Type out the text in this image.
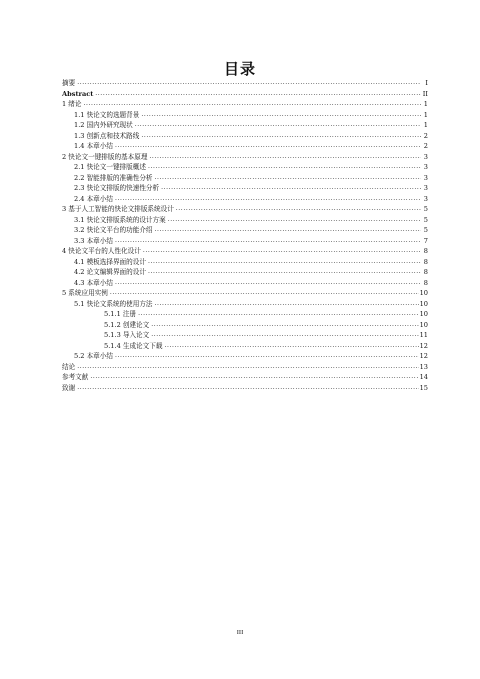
目录
摘要 .....	I
Abstract .....	II
1 绪论 .....	1
1.1 快论文的选题背景 .....	1
1.2 国内外研究现状 .....	1
1.3 创新点和技术路线 .....	2
1.4 本章小结 .....	2
2 快论文一键排版的基本原理 .....	3
2.1 快论文一键排版概述 .....	3
2.2 智能排版的准确性分析 .....	3
2.3 快论文排版的快速性分析 .....	3
2.4 本章小结 .....	3
3 基于人工智能的快论文排版系统设计 .....	5
3.1 快论文排版系统的设计方案 .....	5
3.2 快论文平台的功能介绍 .....	5
3.3 本章小结 .....	7
4 快论文平台的人性化设计 .....	8
4.1 模板选择界面的设计 .....	8
4.2 论文编辑界面的设计 .....	8
4.3 本章小结 .....	8
5 系统应用实例 .....	10
5.1 快论文系统的使用方法 .....	10
5.1.1 注册 .....	10
5.1.2 创建论文 .....	10
5.1.3 导入论文 .....	11
5.1.4 生成论文下载 .....	12
5.2 本章小结 .....	12
结论 .....	13
参考文献 .....	14
致谢 .....	15
III
